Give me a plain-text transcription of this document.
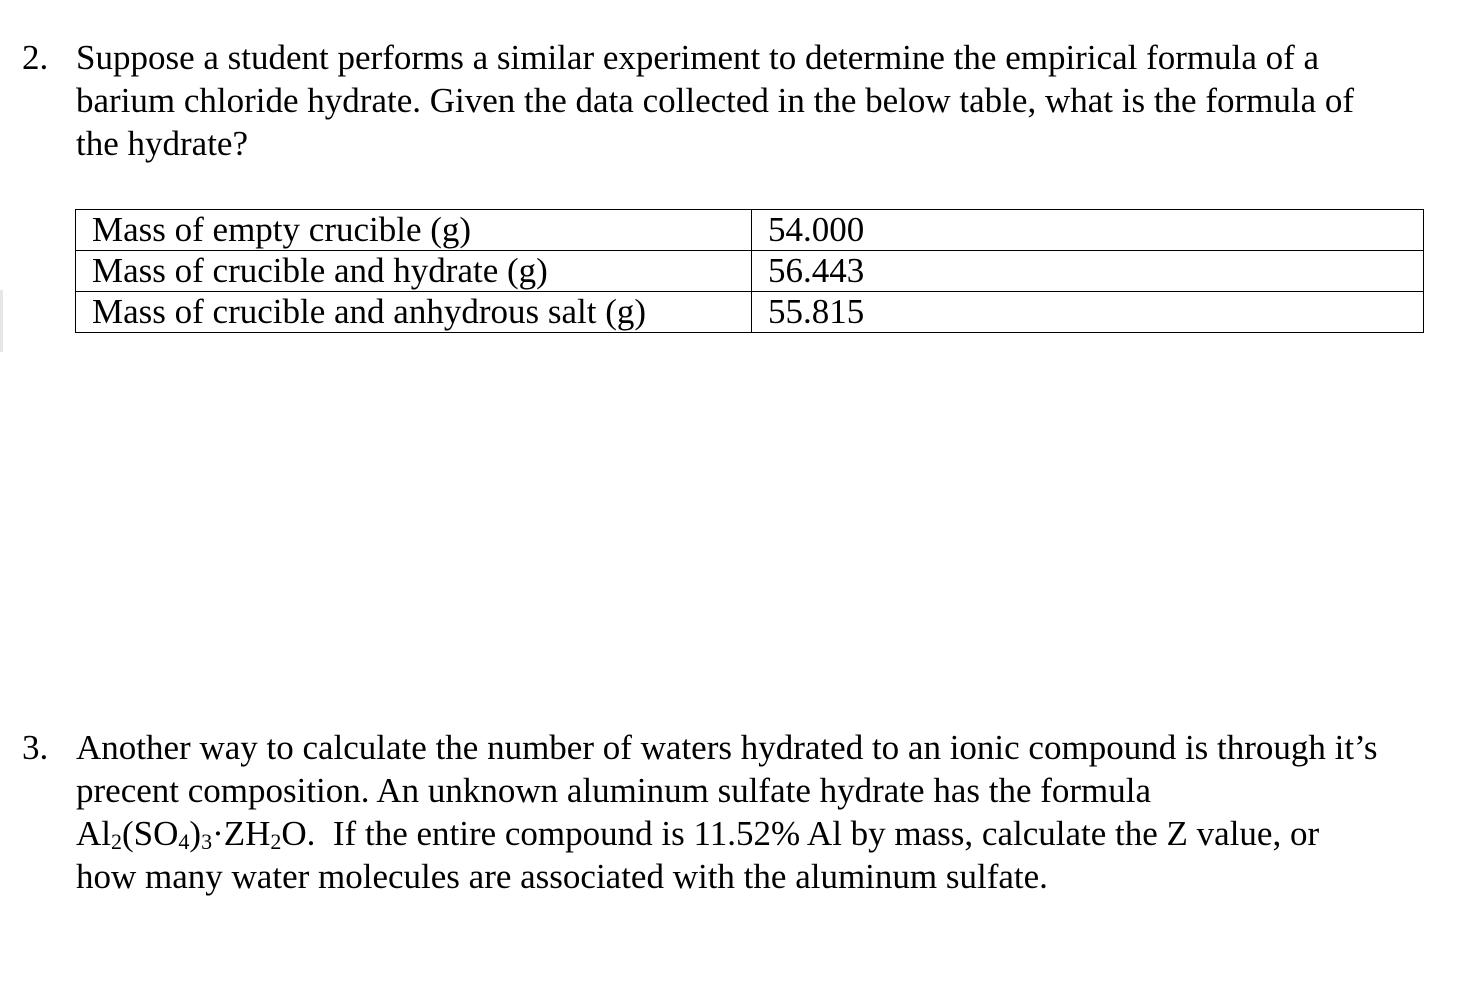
2. Suppose a student performs a similar experiment to determine the empirical formula of a
barium chloride hydrate. Given the data collected in the below table, what is the formula of
the hydrate?
Mass of empty crucible (g)	54.000
Mass of crucible and hydrate (g)	56.443
Mass of crucible and anhydrous salt (g)	55.815
3. Another way to calculate the number of waters hydrated to an ionic compound is through it’s
precent composition. An unknown aluminum sulfate hydrate has the formula
$Al_2(SO_4)_3\cdot ZH_2O$.  If the entire compound is 11.52% Al by mass, calculate the Z value, or
how many water molecules are associated with the aluminum sulfate.
